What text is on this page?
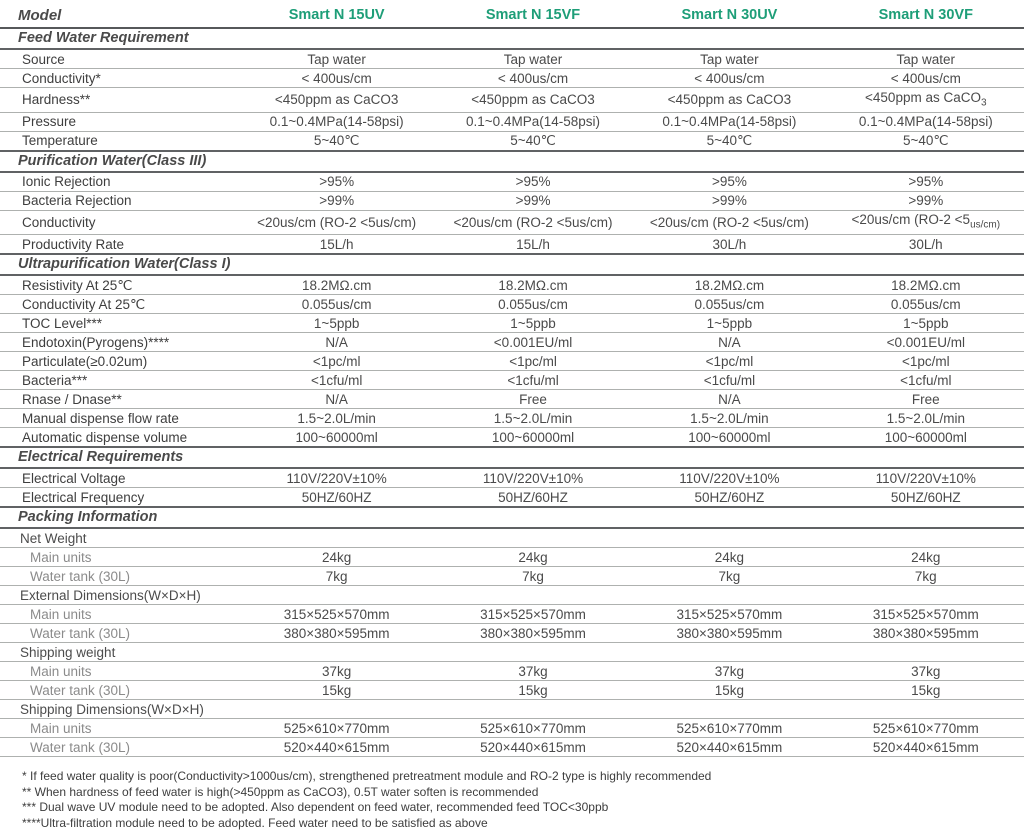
Model	Smart N 15UV	Smart N 15VF	Smart N 30UV	Smart N 30VF
Feed Water Requirement				
Source	Tap water	Tap water	Tap water	Tap water
Conductivity*	< 400us/cm	< 400us/cm	< 400us/cm	< 400us/cm
Hardness**	<450ppm as CaCO3	<450ppm as CaCO3	<450ppm as CaCO3	<450ppm as CaCO$_3$
Pressure	0.1~0.4MPa(14-58psi)	0.1~0.4MPa(14-58psi)	0.1~0.4MPa(14-58psi)	0.1~0.4MPa(14-58psi)
Temperature	5~40℃	5~40℃	5~40℃	5~40℃
Purification Water(Class III)				
Ionic Rejection	>95%	>95%	>95%	>95%
Bacteria Rejection	>99%	>99%	>99%	>99%
Conductivity	<20us/cm (RO-2 <5us/cm)	<20us/cm (RO-2 <5us/cm)	<20us/cm (RO-2 <5us/cm)	<20us/cm ($RO-2 <5_{us/cm)}$
Productivity Rate	15L/h	15L/h	30L/h	30L/h
Ultrapurification Water(Class I)				
Resistivity At 25℃	18.2MΩ.cm	18.2MΩ.cm	18.2MΩ.cm	18.2MΩ.cm
Conductivity At 25℃	0.055us/cm	0.055us/cm	0.055us/cm	0.055us/cm
TOC Level***	1~5ppb	1~5ppb	1~5ppb	1~5ppb
Endotoxin(Pyrogens)****	N/A	<0.001EU/ml	N/A	<0.001EU/ml
Particulate(≥0.02um)	<1pc/ml	<1pc/ml	<1pc/ml	<1pc/ml
Bacteria***	<1cfu/ml	<1cfu/ml	<1cfu/ml	<1cfu/ml
Rnase / Dnase**	N/A	Free	N/A	Free
Manual dispense flow rate	1.5~2.0L/min	1.5~2.0L/min	1.5~2.0L/min	1.5~2.0L/min
Automatic dispense volume	100~60000ml	100~60000ml	100~60000ml	100~60000ml
Electrical Requirements				
Electrical Voltage	110V/220V±10%	110V/220V±10%	110V/220V±10%	110V/220V±10%
Electrical Frequency	50HZ/60HZ	50HZ/60HZ	50HZ/60HZ	50HZ/60HZ
Packing Information				
Net Weight				
Main units	24kg	24kg	24kg	24kg
Water tank (30L)	7kg	7kg	7kg	7kg
External Dimensions(W×D×H)				
Main units	315×525×570mm	315×525×570mm	315×525×570mm	315×525×570mm
Water tank (30L)	380×380×595mm	380×380×595mm	380×380×595mm	380×380×595mm
Shipping weight				
Main units	37kg	37kg	37kg	37kg
Water tank (30L)	15kg	15kg	15kg	15kg
Shipping Dimensions(W×D×H)				
Main units	525×610×770mm	525×610×770mm	525×610×770mm	525×610×770mm
Water tank (30L)	520×440×615mm	520×440×615mm	520×440×615mm	520×440×615mm
* If feed water quality is poor(Conductivity>1000us/cm), strengthened pretreatment module and RO-2 type is highly recommended
** When hardness of feed water is high(>450ppm as CaCO3), 0.5T water soften is recommended
*** Dual wave UV module need to be adopted. Also dependent on feed water, recommended feed TOC<30ppb
****Ultra-filtration module need to be adopted. Feed water need to be satisfied as above
